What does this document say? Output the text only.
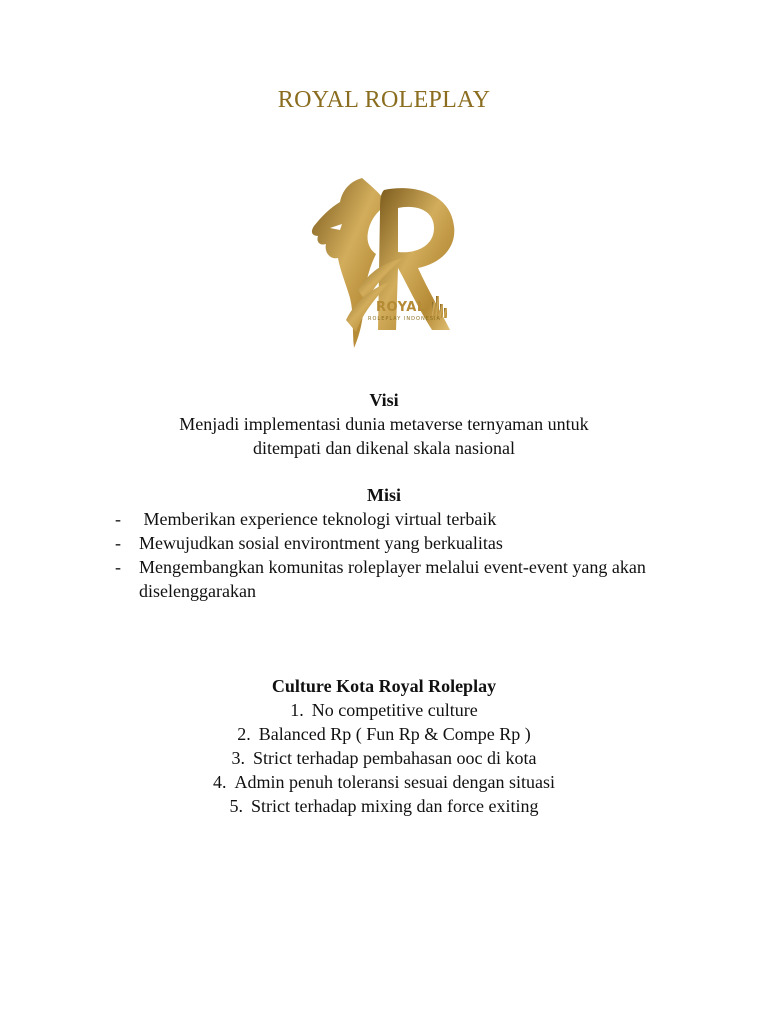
ROYAL ROLEPLAY
ROYAL
ROLEPLAY INDONESIA
Visi
Menjadi implementasi dunia metaverse ternyaman untuk
ditempati dan dikenal skala nasional
Misi
- Memberikan experience teknologi virtual terbaik
- Mewujudkan sosial environtment yang berkualitas
- Mengembangkan komunitas roleplayer melalui event-event yang akan diselenggarakan
Culture Kota Royal Roleplay
1. No competitive culture
2. Balanced Rp ( Fun Rp & Compe Rp )
3. Strict terhadap pembahasan ooc di kota
4. Admin penuh toleransi sesuai dengan situasi
5. Strict terhadap mixing dan force exiting
